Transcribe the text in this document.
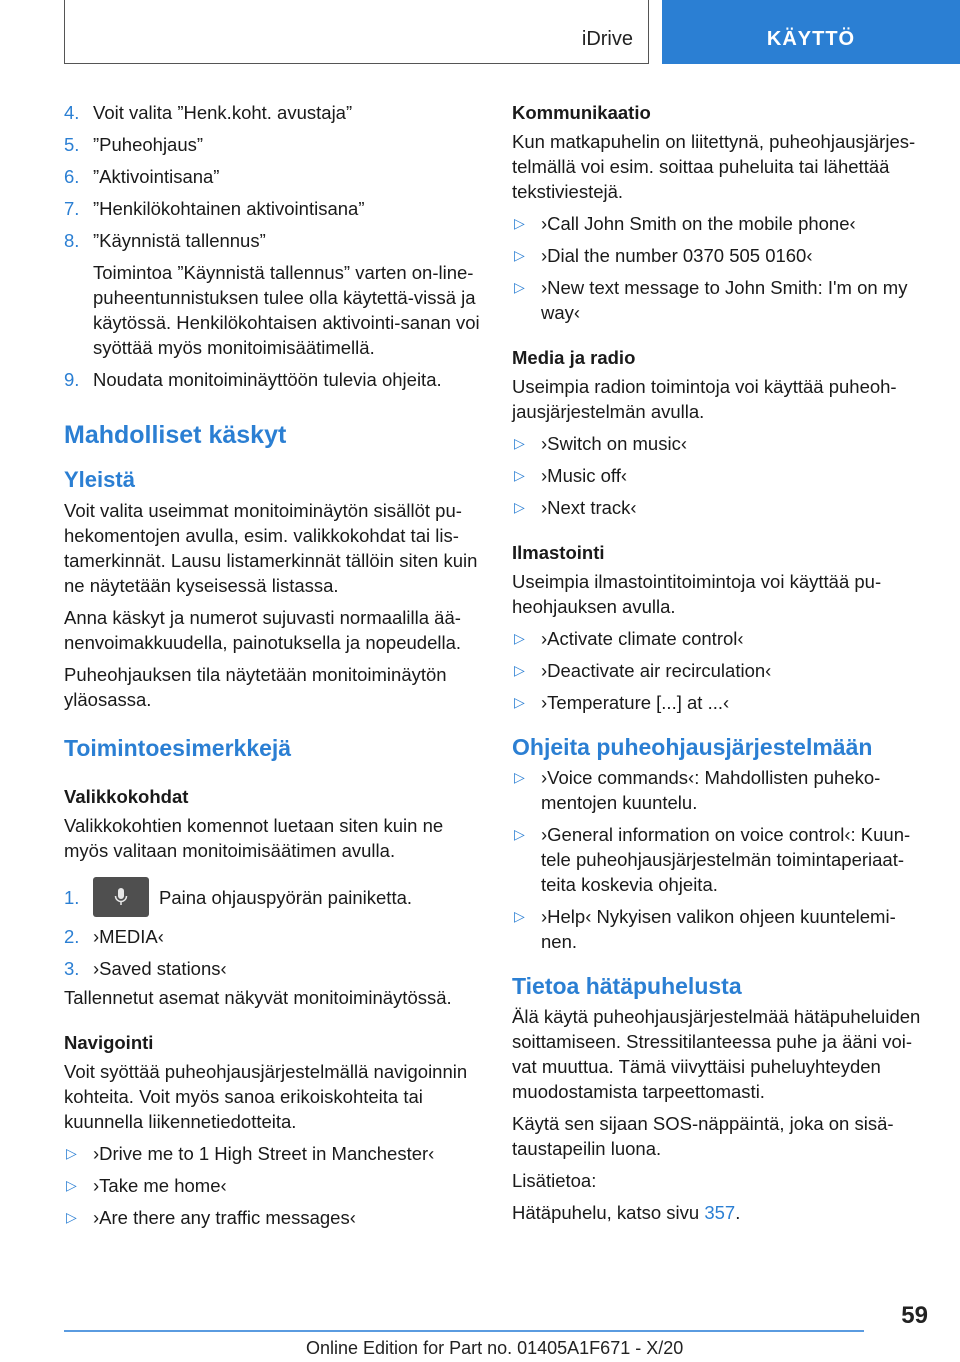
iDrive	KÄYTTÖ
4. Voit valita ”Henk.koht. avustaja”
5. ”Puheohjaus”
6. ”Aktivointisana”
7. ”Henkilökohtainen aktivointisana”
8. ”Käynnistä tallennus”
Toimintoa ”Käynnistä tallennus” varten on-line-puheentunnistuksen tulee olla käytettä-vissä ja käytössä. Henkilökohtaisen aktivointi-sanan voi syöttää myös monitoimisäätimellä.
9. Noudata monitoiminäyttöön tulevia ohjeita.
Mahdolliset käskyt
Yleistä

Voit valita useimmat monitoiminäytön sisällöt pu-hekomentojen avulla, esim. valikkokohdat tai lis-tamerkinnät. Lausu listamerkinnät tällöin siten kuin ne näytetään kyseisessä listassa.

Anna käskyt ja numerot sujuvasti normaalilla ää-nenvoimakkuudella, painotuksella ja nopeudella.

Puheohjauksen tila näytetään monitoiminäytön yläosassa.

Toimintoesimerkkejä
Valikkokohdat

Valikkokohtien komennot luetaan siten kuin ne myös valitaan monitoimisäätimen avulla.

1.	Paina ohjauspyörän painiketta.
2. ›MEDIA‹
3. ›Saved stations‹

Tallennetut asemat näkyvät monitoiminäytössä.

Navigointi

Voit syöttää puheohjausjärjestelmällä navigoinnin kohteita. Voit myös sanoa erikoiskohteita tai kuunnella liikennetiedotteita.

▷ ›Drive me to 1 High Street in Manchester‹
▷ ›Take me home‹
▷ ›Are there any traffic messages‹
Kommunikaatio

Kun matkapuhelin on liitettynä, puheohjausjärjes-telmällä voi esim. soittaa puheluita tai lähettää tekstiviestejä.

▷ ›Call John Smith on the mobile phone‹
▷ ›Dial the number 0370 505 0160‹
▷ ›New text message to John Smith: I'm on my way‹
Media ja radio

Useimpia radion toimintoja voi käyttää puheoh-jausjärjestelmän avulla.

▷ ›Switch on music‹
▷ ›Music off‹
▷ ›Next track‹
Ilmastointi

Useimpia ilmastointitoimintoja voi käyttää pu-heohjauksen avulla.

▷ ›Activate climate control‹
▷ ›Deactivate air recirculation‹
▷ ›Temperature [...] at ...‹
Ohjeita puheohjausjärjestelmään
▷ ›Voice commands‹: Mahdollisten puheko-mentojen kuuntelu.
▷ ›General information on voice control‹: Kuun-tele puheohjausjärjestelmän toimintaperiaat-teita koskevia ohjeita.
▷ ›Help‹ Nykyisen valikon ohjeen kuuntelemi-nen.
Tietoa hätäpuhelusta

Älä käytä puheohjausjärjestelmää hätäpuheluiden soittamiseen. Stressitilanteessa puhe ja ääni voi-vat muuttua. Tämä viivyttäisi puheluyhteyden muodostamista tarpeettomasti.

Käytä sen sijaan SOS-näppäintä, joka on sisä-taustapeilin luona.

Lisätietoa:

Hätäpuhelu, katso sivu 357.

59
Online Edition for Part no. 01405A1F671 - X/20
